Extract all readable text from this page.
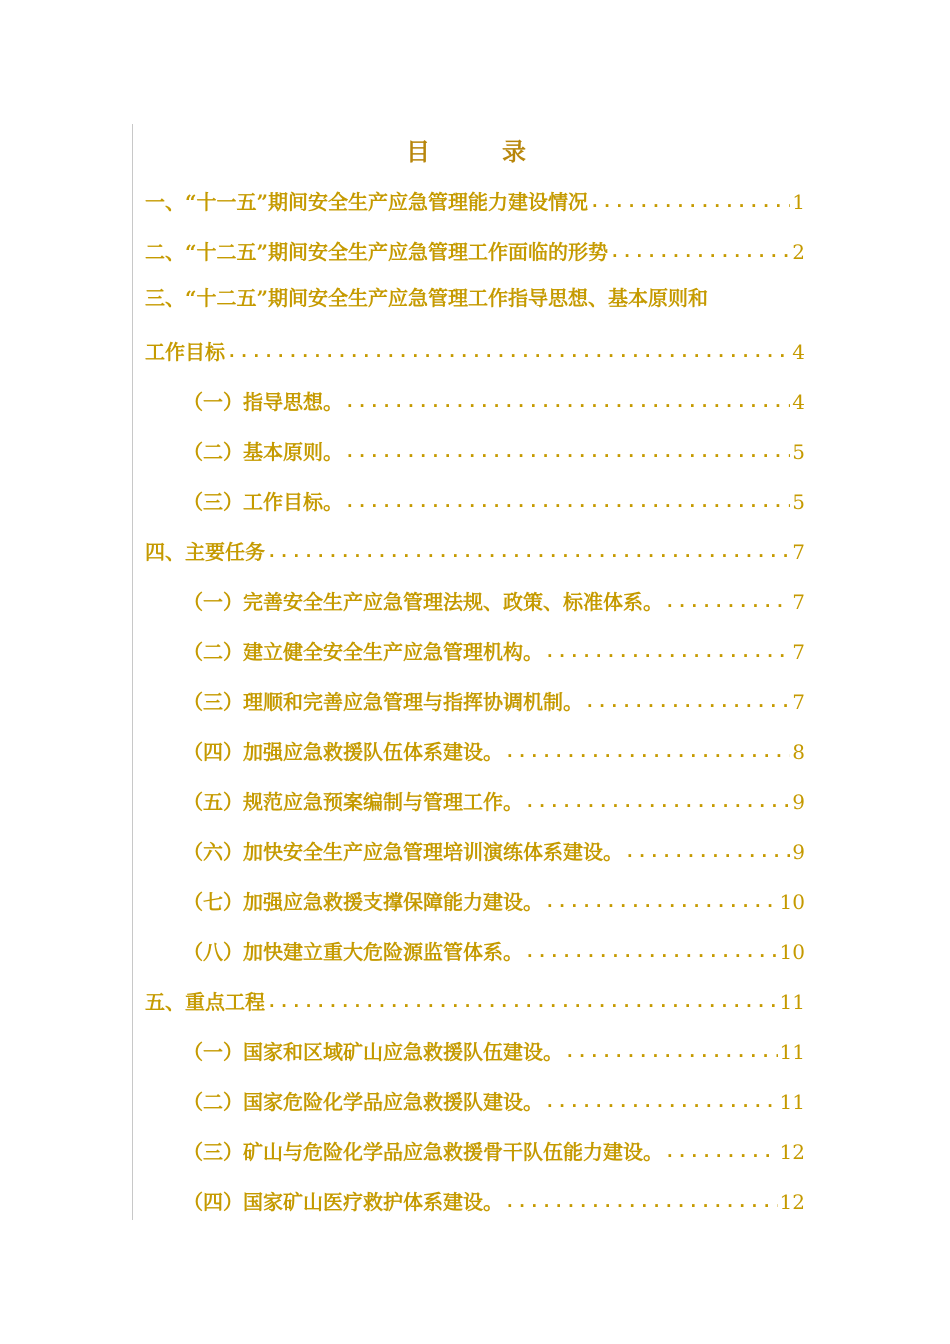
目　录
一、“十一五”期间安全生产应急管理能力建设情况 .....	1
二、“十二五”期间安全生产应急管理工作面临的形势 .....	2
三、“十二五”期间安全生产应急管理工作指导思想、基本原则和
工作目标 .....	4
（一）指导思想。 .....	4
（二）基本原则。 .....	5
（三）工作目标。 .....	5
四、主要任务 .....	7
（一）完善安全生产应急管理法规、政策、标准体系。 .....	7
（二）建立健全安全生产应急管理机构。 .....	7
（三）理顺和完善应急管理与指挥协调机制。 .....	7
（四）加强应急救援队伍体系建设。 .....	8
（五）规范应急预案编制与管理工作。 .....	9
（六）加快安全生产应急管理培训演练体系建设。 .....	9
（七）加强应急救援支撑保障能力建设。 .....	10
（八）加快建立重大危险源监管体系。 .....	10
五、重点工程 .....	11
（一）国家和区域矿山应急救援队伍建设。 .....	11
（二）国家危险化学品应急救援队建设。 .....	11
（三）矿山与危险化学品应急救援骨干队伍能力建设。 .....	12
（四）国家矿山医疗救护体系建设。 .....	12
